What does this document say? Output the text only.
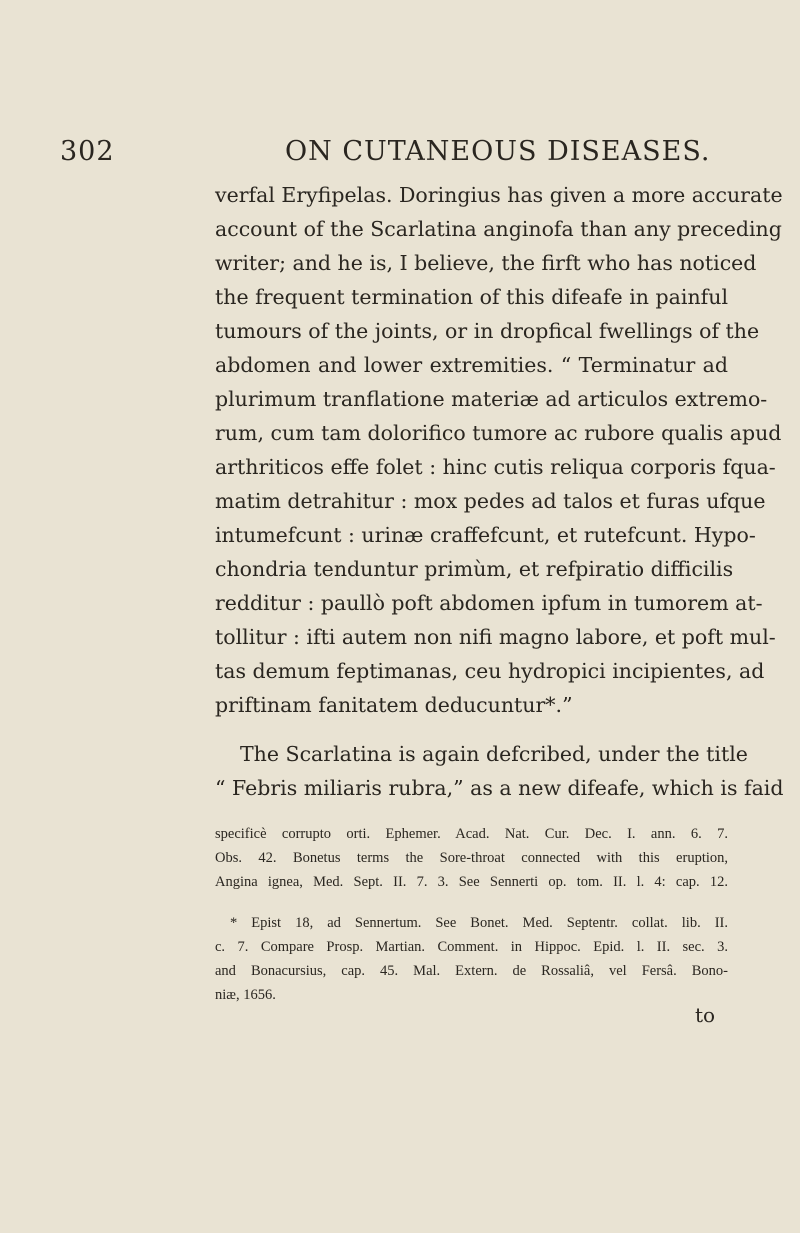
302	ON CUTANEOUS DISEASES.
verfal Eryfipelas. Doringius has given a more accurate
account of the Scarlatina anginofa than any preceding
writer; and he is, I believe, the firft who has noticed
the frequent termination of this difeafe in painful
tumours of the joints, or in dropfical fwellings of the
abdomen and lower extremities. “ Terminatur ad
plurimum tranflatione materiæ ad articulos extremo-
rum, cum tam dolorifico tumore ac rubore qualis apud
arthriticos effe folet : hinc cutis reliqua corporis fqua-
matim detrahitur : mox pedes ad talos et furas ufque
intumefcunt : urinæ craffefcunt, et rutefcunt. Hypo-
chondria tenduntur primùm, et refpiratio difficilis
redditur : paullò poft abdomen ipfum in tumorem at-
tollitur : ifti autem non nifi magno labore, et poft mul-
tas demum feptimanas, ceu hydropici incipientes, ad
priftinam fanitatem deducuntur*.”
The Scarlatina is again defcribed, under the title
“ Febris miliaris rubra,” as a new difeafe, which is faid
specificè corrupto orti. Ephemer. Acad. Nat. Cur. Dec. I. ann. 6. 7.
Obs. 42. Bonetus terms the Sore-throat connected with this eruption,
Angina ignea, Med. Sept. II. 7. 3. See Sennerti op. tom. II. l. 4: cap. 12.
* Epist 18, ad Sennertum. See Bonet. Med. Septentr. collat. lib. II.
c. 7. Compare Prosp. Martian. Comment. in Hippoc. Epid. l. II. sec. 3.
and Bonacursius, cap. 45. Mal. Extern. de Rossaliâ, vel Fersâ. Bono-
niæ, 1656.
to
